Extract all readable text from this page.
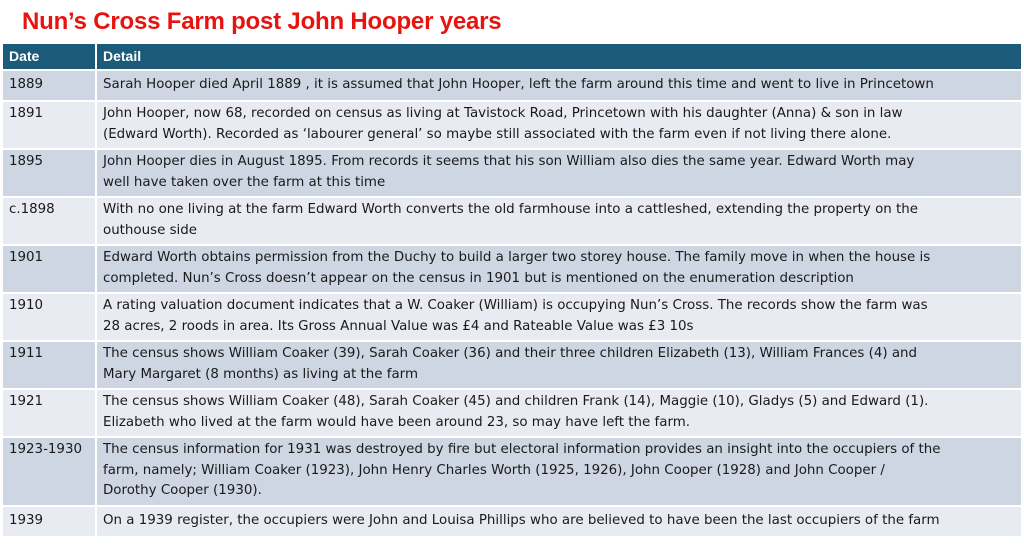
Nun’s Cross Farm post John Hooper years
Date	Detail
1889	Sarah Hooper died April 1889 , it is assumed that John Hooper, left the farm around this time and went to live in Princetown

1891	John Hooper, now 68, recorded on census as living at Tavistock Road, Princetown with his daughter (Anna) & son in law
(Edward Worth). Recorded as ‘labourer general’ so maybe still associated with the farm even if not living there alone.

1895	John Hooper dies in August 1895. From records it seems that his son William also dies the same year. Edward Worth may
well have taken over the farm at this time

c.1898	With no one living at the farm Edward Worth converts the old farmhouse into a cattleshed, extending the property on the
outhouse side

1901	Edward Worth obtains permission from the Duchy to build a larger two storey house. The family move in when the house is
completed. Nun’s Cross doesn’t appear on the census in 1901 but is mentioned on the enumeration description

1910	A rating valuation document indicates that a W. Coaker (William) is occupying Nun’s Cross. The records show the farm was
28 acres, 2 roods in area. Its Gross Annual Value was £4 and Rateable Value was £3 10s

1911	The census shows William Coaker (39), Sarah Coaker (36) and their three children Elizabeth (13), William Frances (4) and
Mary Margaret (8 months) as living at the farm

1921	The census shows William Coaker (48), Sarah Coaker (45) and children Frank (14), Maggie (10), Gladys (5) and Edward (1).
Elizabeth who lived at the farm would have been around 23, so may have left the farm.

1923-1930	The census information for 1931 was destroyed by fire but electoral information provides an insight into the occupiers of the
farm, namely; William Coaker (1923), John Henry Charles Worth (1925, 1926), John Cooper (1928) and John Cooper /
Dorothy Cooper (1930).

1939	On a 1939 register, the occupiers were John and Louisa Phillips who are believed to have been the last occupiers of the farm
